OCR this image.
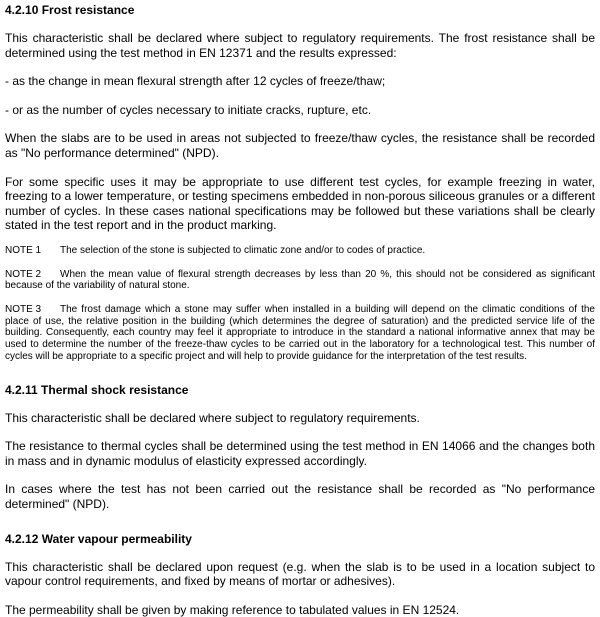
4.2.10 Frost resistance

This characteristic shall be declared where subject to regulatory requirements. The frost resistance shall be determined using the test method in EN 12371 and the results expressed:

- as the change in mean flexural strength after 12 cycles of freeze/thaw;

- or as the number of cycles necessary to initiate cracks, rupture, etc.

When the slabs are to be used in areas not subjected to freeze/thaw cycles, the resistance shall be recorded as "No performance determined" (NPD).

For some specific uses it may be appropriate to use different test cycles, for example freezing in water, freezing to a lower temperature, or testing specimens embedded in non-porous siliceous granules or a different number of cycles. In these cases national specifications may be followed but these variations shall be clearly stated in the test report and in the product marking.

NOTE 1 The selection of the stone is subjected to climatic zone and/or to codes of practice.

NOTE 2 When the mean value of flexural strength decreases by less than 20 %, this should not be considered as significant because of the variability of natural stone.

NOTE 3 The frost damage which a stone may suffer when installed in a building will depend on the climatic conditions of the place of use, the relative position in the building (which determines the degree of saturation) and the predicted service life of the building. Consequently, each country may feel it appropriate to introduce in the standard a national informative annex that may be used to determine the number of the freeze-thaw cycles to be carried out in the laboratory for a technological test. This number of cycles will be appropriate to a specific project and will help to provide guidance for the interpretation of the test results.

4.2.11 Thermal shock resistance

This characteristic shall be declared where subject to regulatory requirements.

The resistance to thermal cycles shall be determined using the test method in EN 14066 and the changes both in mass and in dynamic modulus of elasticity expressed accordingly.

In cases where the test has not been carried out the resistance shall be recorded as "No performance determined" (NPD).

4.2.12 Water vapour permeability

This characteristic shall be declared upon request (e.g. when the slab is to be used in a location subject to vapour control requirements, and fixed by means of mortar or adhesives).

The permeability shall be given by making reference to tabulated values in EN 12524.
